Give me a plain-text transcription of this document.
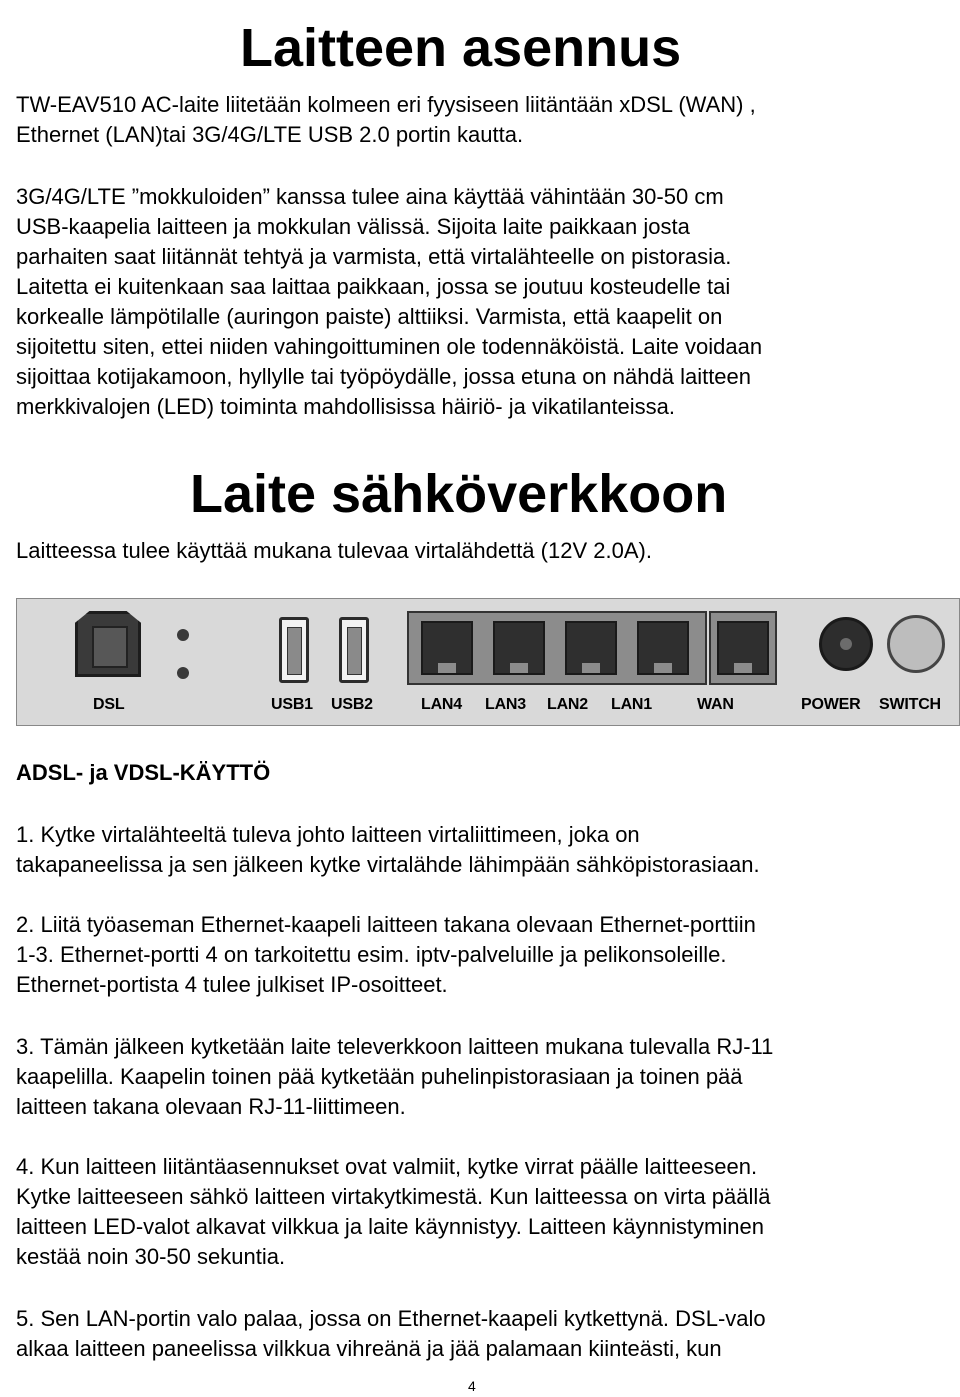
Laitteen asennus

TW-EAV510 AC-laite liitetään kolmeen eri fyysiseen liitäntään xDSL (WAN) ,
Ethernet (LAN)tai 3G/4G/LTE USB 2.0 portin kautta.

3G/4G/LTE ”mokkuloiden” kanssa tulee aina käyttää vähintään 30-50 cm
USB-kaapelia laitteen ja mokkulan välissä. Sijoita laite paikkaan josta
parhaiten saat liitännät tehtyä ja varmista, että virtalähteelle on pistorasia.
Laitetta ei kuitenkaan saa laittaa paikkaan, jossa se joutuu kosteudelle tai
korkealle lämpötilalle (auringon paiste) alttiiksi. Varmista, että kaapelit on
sijoitettu siten, ettei niiden vahingoittuminen ole todennäköistä. Laite voidaan
sijoittaa kotijakamoon, hyllylle tai työpöydälle, jossa etuna on nähdä laitteen
merkkivalojen (LED) toiminta mahdollisissa häiriö- ja vikatilanteissa.

Laite sähköverkkoon

Laitteessa tulee käyttää mukana tulevaa virtalähdettä (12V 2.0A).

DSL	USB1 USB2	LAN4 LAN3 LAN2 LAN1	WAN	POWER SWITCH
ADSL- ja VDSL-KÄYTTÖ

1. Kytke virtalähteeltä tuleva johto laitteen virtaliittimeen, joka on
takapaneelissa ja sen jälkeen kytke virtalähde lähimpään sähköpistorasiaan.

2. Liitä työaseman Ethernet-kaapeli laitteen takana olevaan Ethernet-porttiin
1-3. Ethernet-portti 4 on tarkoitettu esim. iptv-palveluille ja pelikonsoleille.
Ethernet-portista 4 tulee julkiset IP-osoitteet.

3. Tämän jälkeen kytketään laite televerkkoon laitteen mukana tulevalla RJ-11
kaapelilla. Kaapelin toinen pää kytketään puhelinpistorasiaan ja toinen pää
laitteen takana olevaan RJ-11-liittimeen.

4. Kun laitteen liitäntäasennukset ovat valmiit, kytke virrat päälle laitteeseen.
Kytke laitteeseen sähkö laitteen virtakytkimestä. Kun laitteessa on virta päällä
laitteen LED-valot alkavat vilkkua ja laite käynnistyy. Laitteen käynnistyminen
kestää noin 30-50 sekuntia.

5. Sen LAN-portin valo palaa, jossa on Ethernet-kaapeli kytkettynä. DSL-valo
alkaa laitteen paneelissa vilkkua vihreänä ja jää palamaan kiinteästi, kun

4
